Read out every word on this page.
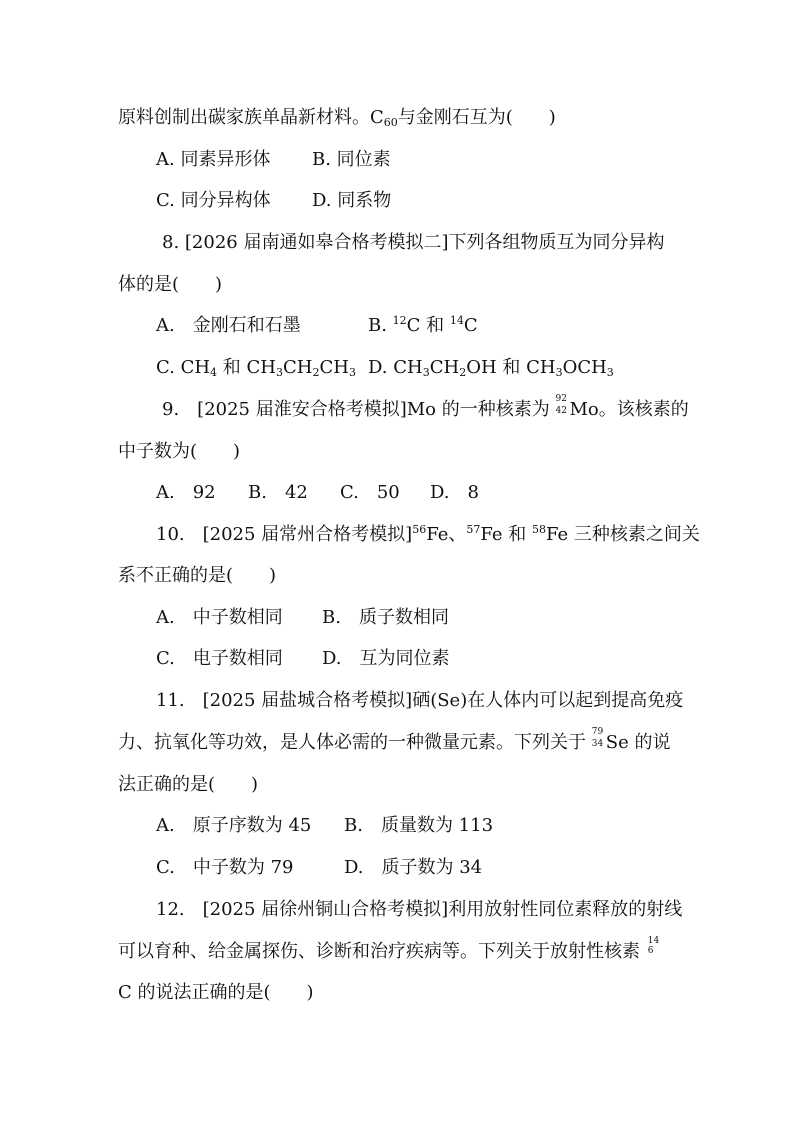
原料创制出碳家族单晶新材料。$C_{60}$与金刚石互为(　　)
A. 同素异形体 B. 同位素
C. 同分异构体 D. 同系物
8. [2026 届南通如皋合格考模拟二]下列各组物质互为同分异构
体的是(　　)
A.　金刚石和石墨	B. $^{12}$C 和 $^{14}$C
C. $CH_4$ 和 $CH_3CH_2CH_3$ D. $CH_3CH_2OH$ 和 $CH_3OCH_3$
9.　[2025 届淮安合格考模拟]Mo 的一种核素为 92
42 Mo。该核素的
中子数为(　　)
A.　92 B.　42 C.　50 D.　8
10.　[2025 届常州合格考模拟]$^{56}$Fe、$^{57}$Fe 和 $^{58}$Fe 三种核素之间关
系不正确的是(　　)
A.　中子数相同 B.　质子数相同
C.　电子数相同 D.　互为同位素
11.　[2025 届盐城合格考模拟]硒(Se)在人体内可以起到提高免疫
力、抗氧化等功效，是人体必需的一种微量元素。下列关于 79
34 Se 的说
法正确的是(　　)
A.　原子序数为 45 B.　质量数为 113
C.　中子数为 79	D.　质子数为 34
12.　[2025 届徐州铜山合格考模拟]利用放射性同位素释放的射线
可以育种、给金属探伤、诊断和治疗疾病等。下列关于放射性核素 14
6
C 的说法正确的是(　　)
